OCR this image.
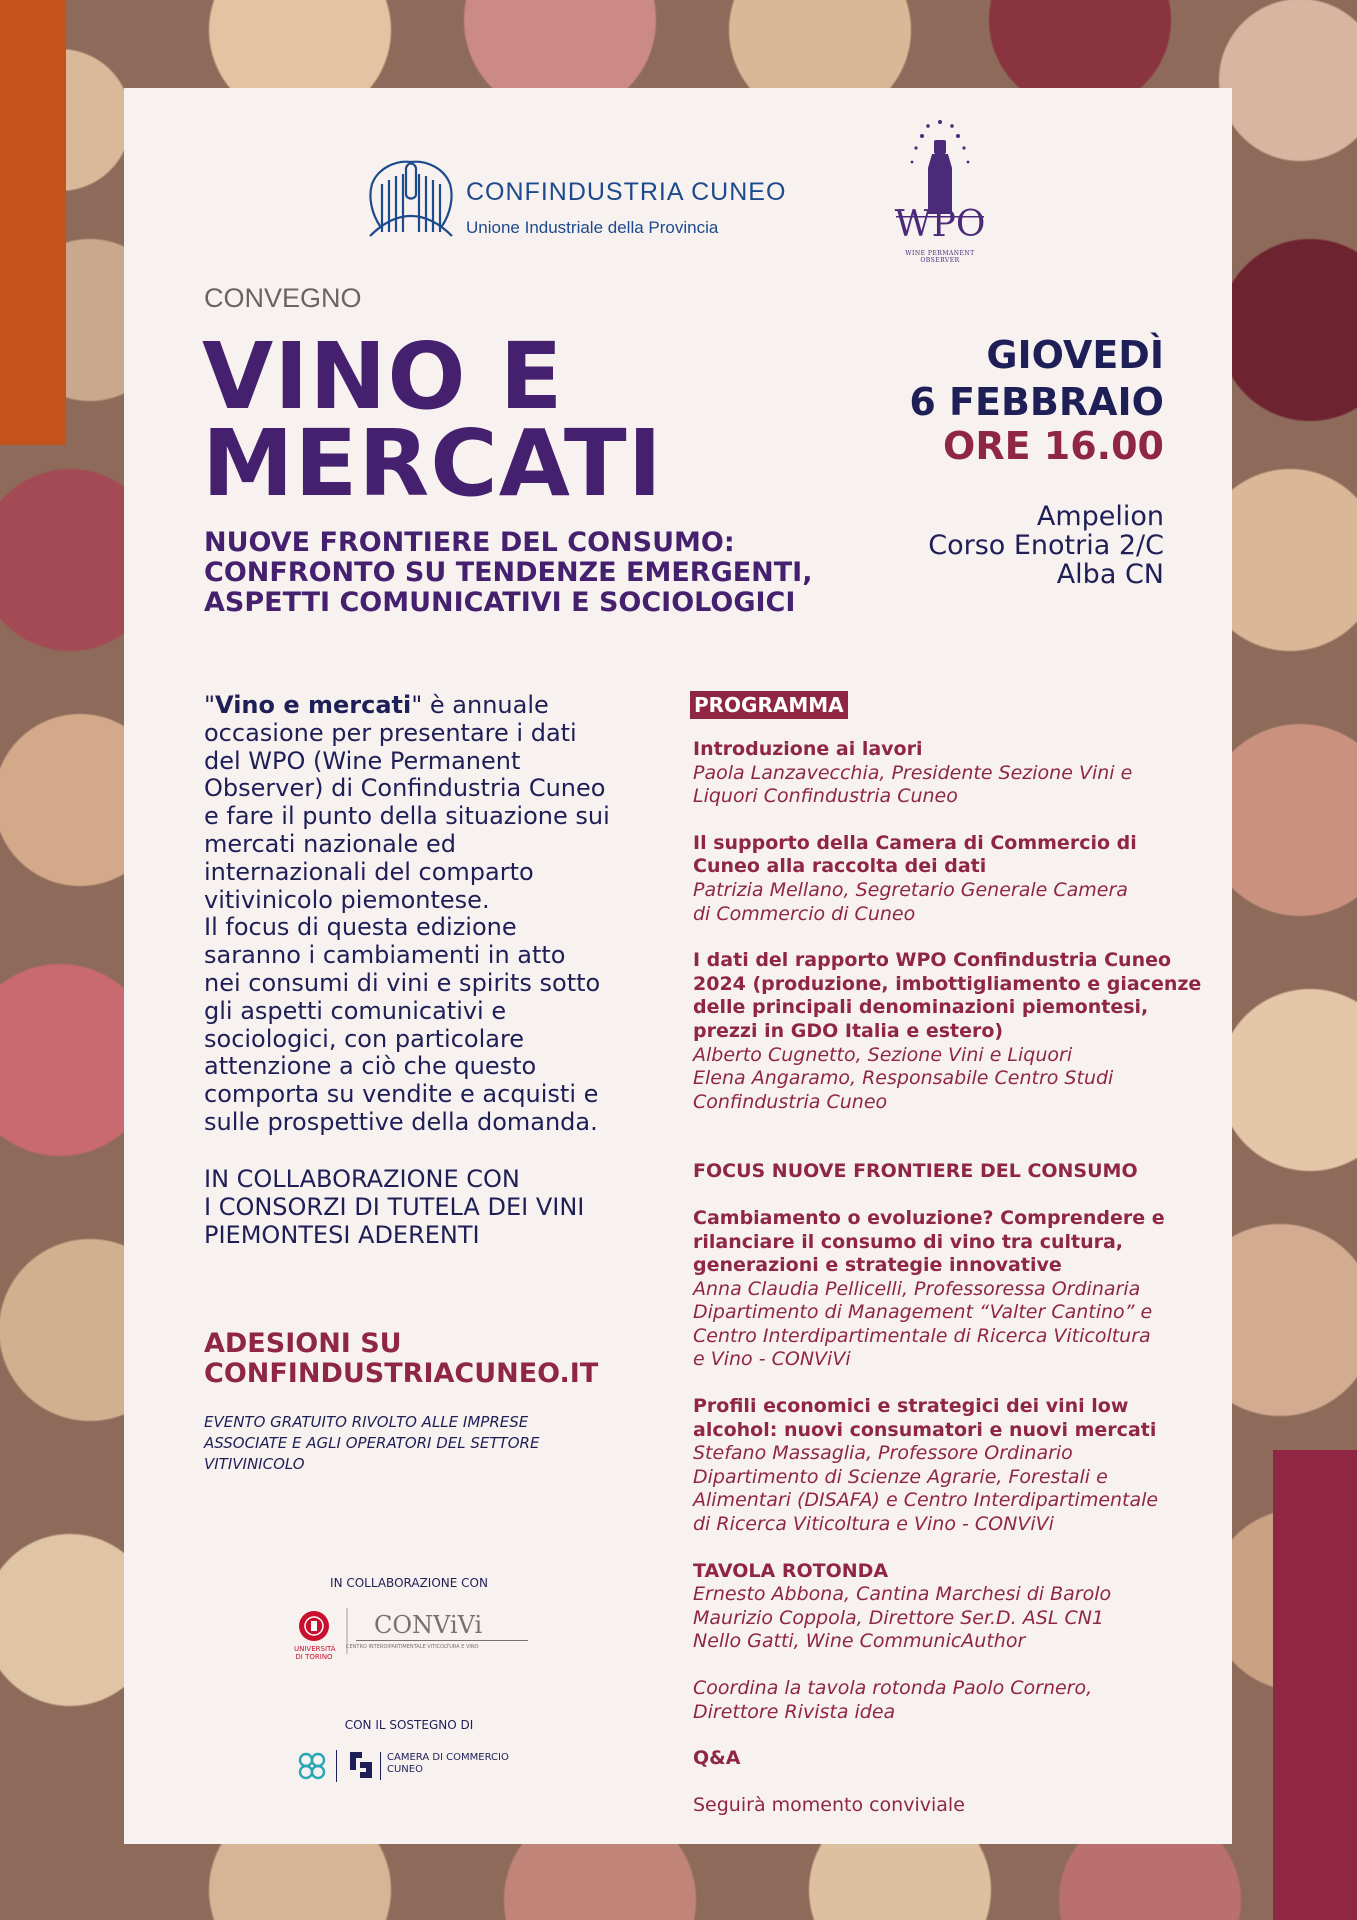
CONFINDUSTRIA CUNEO
Unione Industriale della Provincia	WPO
WINE PERMANENT OBSERVER
CONVEGNO
VINO E
MERCATI
NUOVE FRONTIERE DEL CONSUMO:
CONFRONTO SU TENDENZE EMERGENTI,
ASPETTI COMUNICATIVI E SOCIOLOGICI
GIOVEDÌ
6 FEBBRAIO
ORE 16.00
Ampelion
Corso Enotria 2/C
Alba CN
"Vino e mercati" è annuale
occasione per presentare i dati
del WPO (Wine Permanent
Observer) di Confindustria Cuneo
e fare il punto della situazione sui
mercati nazionale ed
internazionali del comparto
vitivinicolo piemontese.
Il focus di questa edizione
saranno i cambiamenti in atto
nei consumi di vini e spirits sotto
gli aspetti comunicativi e
sociologici, con particolare
attenzione a ciò che questo
comporta su vendite e acquisti e
sulle prospettive della domanda.
IN COLLABORAZIONE CON
I CONSORZI DI TUTELA DEI VINI
PIEMONTESI ADERENTI
ADESIONI SU
CONFINDUSTRIACUNEO.IT
EVENTO GRATUITO RIVOLTO ALLE IMPRESE
ASSOCIATE E AGLI OPERATORI DEL SETTORE
VITIVINICOLO
IN COLLABORAZIONE CON
UNIVERSITÀ
DI TORINO
CONViVi
CENTRO INTERDIPARTIMENTALE VITICOLTURA E VINO
CON IL SOSTEGNO DI
CAMERA DI COMMERCIO
CUNEO
PROGRAMMA
Introduzione ai lavori
Paola Lanzavecchia, Presidente Sezione Vini e
Liquori Confindustria Cuneo
Il supporto della Camera di Commercio di
Cuneo alla raccolta dei dati
Patrizia Mellano, Segretario Generale Camera
di Commercio di Cuneo
I dati del rapporto WPO Confindustria Cuneo
2024 (produzione, imbottigliamento e giacenze
delle principali denominazioni piemontesi,
prezzi in GDO Italia e estero)
Alberto Cugnetto, Sezione Vini e Liquori
Elena Angaramo, Responsabile Centro Studi
Confindustria Cuneo
FOCUS NUOVE FRONTIERE DEL CONSUMO
Cambiamento o evoluzione? Comprendere e
rilanciare il consumo di vino tra cultura,
generazioni e strategie innovative
Anna Claudia Pellicelli, Professoressa Ordinaria
Dipartimento di Management “Valter Cantino” e
Centro Interdipartimentale di Ricerca Viticoltura
e Vino - CONViVi
Profili economici e strategici dei vini low
alcohol: nuovi consumatori e nuovi mercati
Stefano Massaglia, Professore Ordinario
Dipartimento di Scienze Agrarie, Forestali e
Alimentari (DISAFA) e Centro Interdipartimentale
di Ricerca Viticoltura e Vino - CONViVi
TAVOLA ROTONDA
Ernesto Abbona, Cantina Marchesi di Barolo
Maurizio Coppola, Direttore Ser.D. ASL CN1
Nello Gatti, Wine CommunicAuthor
Coordina la tavola rotonda Paolo Cornero,
Direttore Rivista idea
Q&A
Seguirà momento conviviale
